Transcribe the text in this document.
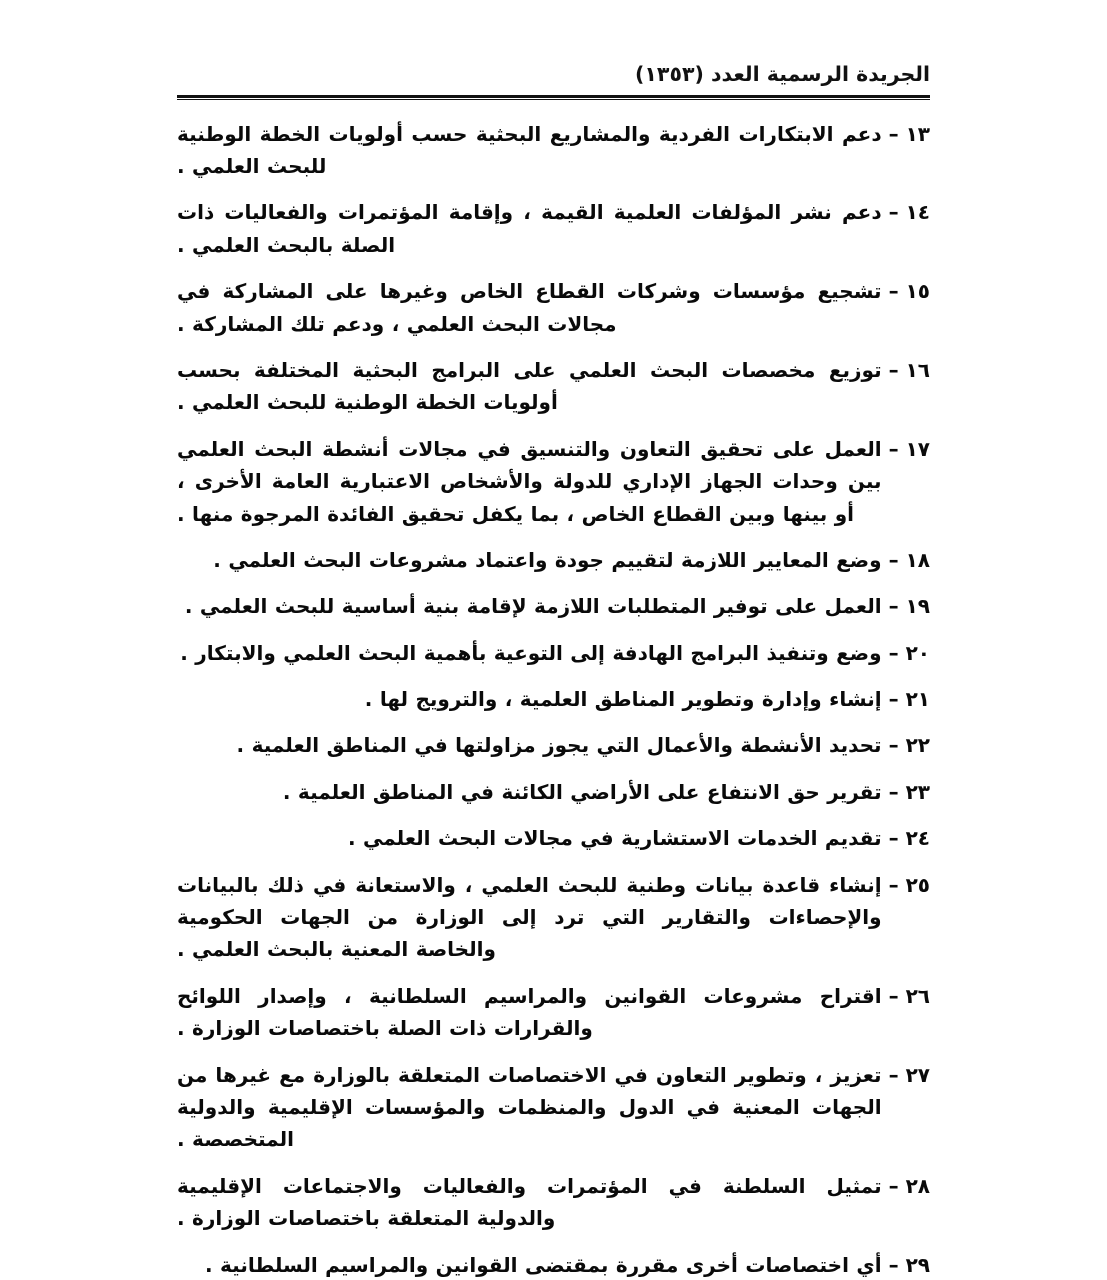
الجريدة الرسمية العدد (١٣٥٣)
١٣
–
دعم الابتكارات الفردية والمشاريع البحثية حسب أولويات الخطة الوطنية للبحث العلمي .
١٤
–
دعم نشر المؤلفات العلمية القيمة ، وإقامة المؤتمرات والفعاليات ذات الصلة بالبحث العلمي .
١٥
–
تشجيع مؤسسات وشركات القطاع الخاص وغيرها على المشاركة في مجالات البحث العلمي ، ودعم تلك المشاركة .
١٦
–
توزيع مخصصات البحث العلمي على البرامج البحثية المختلفة بحسب أولويات الخطة الوطنية للبحث العلمي .
١٧
–
العمل على تحقيق التعاون والتنسيق في مجالات أنشطة البحث العلمي بين وحدات الجهاز الإداري للدولة والأشخاص الاعتبارية العامة الأخرى ، أو بينها وبين القطاع الخاص ، بما يكفل تحقيق الفائدة المرجوة منها .
١٨
–
وضع المعايير اللازمة لتقييم جودة واعتماد مشروعات البحث العلمي .
١٩
–
العمل على توفير المتطلبات اللازمة لإقامة بنية أساسية للبحث العلمي .
٢٠
–
وضع وتنفيذ البرامج الهادفة إلى التوعية بأهمية البحث العلمي والابتكار .
٢١
–
إنشاء وإدارة وتطوير المناطق العلمية ، والترويج لها .
٢٢
–
تحديد الأنشطة والأعمال التي يجوز مزاولتها في المناطق العلمية .
٢٣
–
تقرير حق الانتفاع على الأراضي الكائنة في المناطق العلمية .
٢٤
–
تقديم الخدمات الاستشارية في مجالات البحث العلمي .
٢٥
–
إنشاء قاعدة بيانات وطنية للبحث العلمي ، والاستعانة في ذلك بالبيانات والإحصاءات والتقارير التي ترد إلى الوزارة من الجهات الحكومية والخاصة المعنية بالبحث العلمي .
٢٦
–
اقتراح مشروعات القوانين والمراسيم السلطانية ، وإصدار اللوائح والقرارات ذات الصلة باختصاصات الوزارة .
٢٧
–
تعزيز ، وتطوير التعاون في الاختصاصات المتعلقة بالوزارة مع غيرها من الجهات المعنية في الدول والمنظمات والمؤسسات الإقليمية والدولية المتخصصة .
٢٨
–
تمثيل السلطنة في المؤتمرات والفعاليات والاجتماعات الإقليمية والدولية المتعلقة باختصاصات الوزارة .
٢٩
–
أي اختصاصات أخرى مقررة بمقتضى القوانين والمراسيم السلطانية .
